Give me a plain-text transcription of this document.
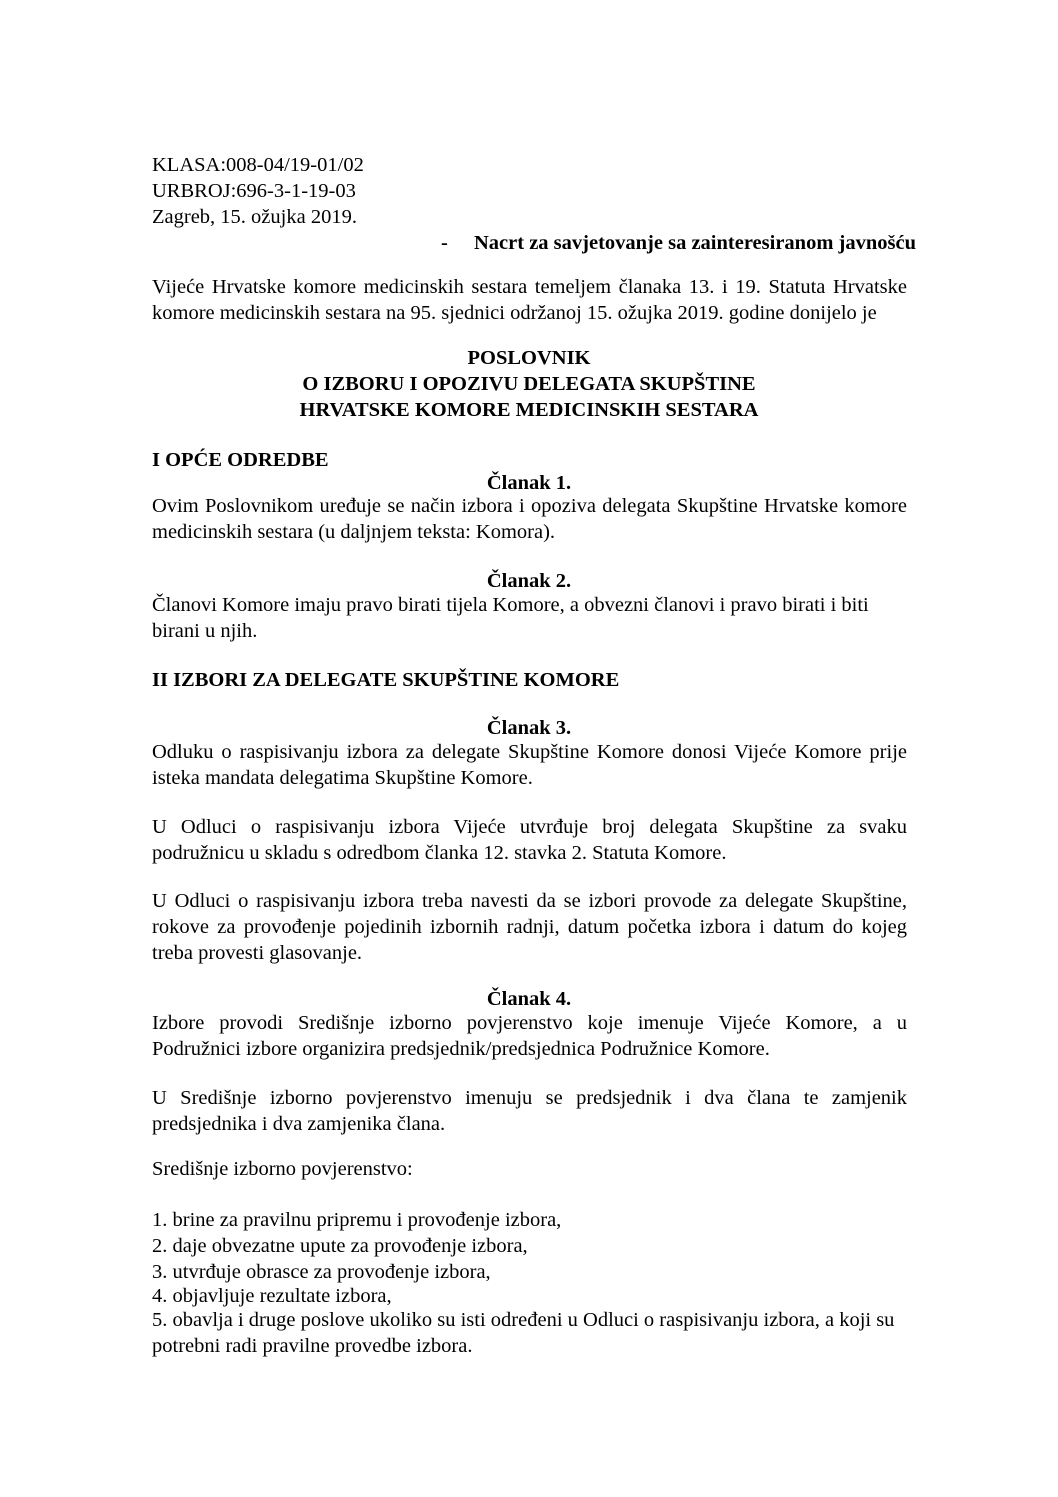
KLASA:008-04/19-01/02
URBROJ:696-3-1-19-03
Zagreb, 15. ožujka 2019.
- Nacrt za savjetovanje sa zainteresiranom javnošću
Vijeće Hrvatske komore medicinskih sestara temeljem članaka 13. i 19. Statuta Hrvatske
komore medicinskih sestara na 95. sjednici održanoj 15. ožujka 2019. godine donijelo je
POSLOVNIK
O IZBORU I OPOZIVU DELEGATA SKUPŠTINE
HRVATSKE KOMORE MEDICINSKIH SESTARA
I OPĆE ODREDBE
Članak 1.
Ovim Poslovnikom uređuje se način izbora i opoziva delegata Skupštine Hrvatske komore
medicinskih sestara (u daljnjem teksta: Komora).
Članak 2.
Članovi Komore imaju pravo birati tijela Komore, a obvezni članovi i pravo birati i biti
birani u njih.
II IZBORI ZA DELEGATE SKUPŠTINE KOMORE
Članak 3.
Odluku o raspisivanju izbora za delegate Skupštine Komore donosi Vijeće Komore prije
isteka mandata delegatima Skupštine Komore.
U Odluci o raspisivanju izbora Vijeće utvrđuje broj delegata Skupštine za svaku
podružnicu u skladu s odredbom članka 12. stavka 2. Statuta Komore.
U Odluci o raspisivanju izbora treba navesti da se izbori provode za delegate Skupštine,
rokove za provođenje pojedinih izbornih radnji, datum početka izbora i datum do kojeg
treba provesti glasovanje.
Članak 4.
Izbore provodi Središnje izborno povjerenstvo koje imenuje Vijeće Komore, a u
Podružnici izbore organizira predsjednik/predsjednica Podružnice Komore.
U Središnje izborno povjerenstvo imenuju se predsjednik i dva člana te zamjenik
predsjednika i dva zamjenika člana.
Središnje izborno povjerenstvo:
1. brine za pravilnu pripremu i provođenje izbora,
2. daje obvezatne upute za provođenje izbora,
3. utvrđuje obrasce za provođenje izbora,
4. objavljuje rezultate izbora,
5. obavlja i druge poslove ukoliko su isti određeni u Odluci o raspisivanju izbora, a koji su
potrebni radi pravilne provedbe izbora.
